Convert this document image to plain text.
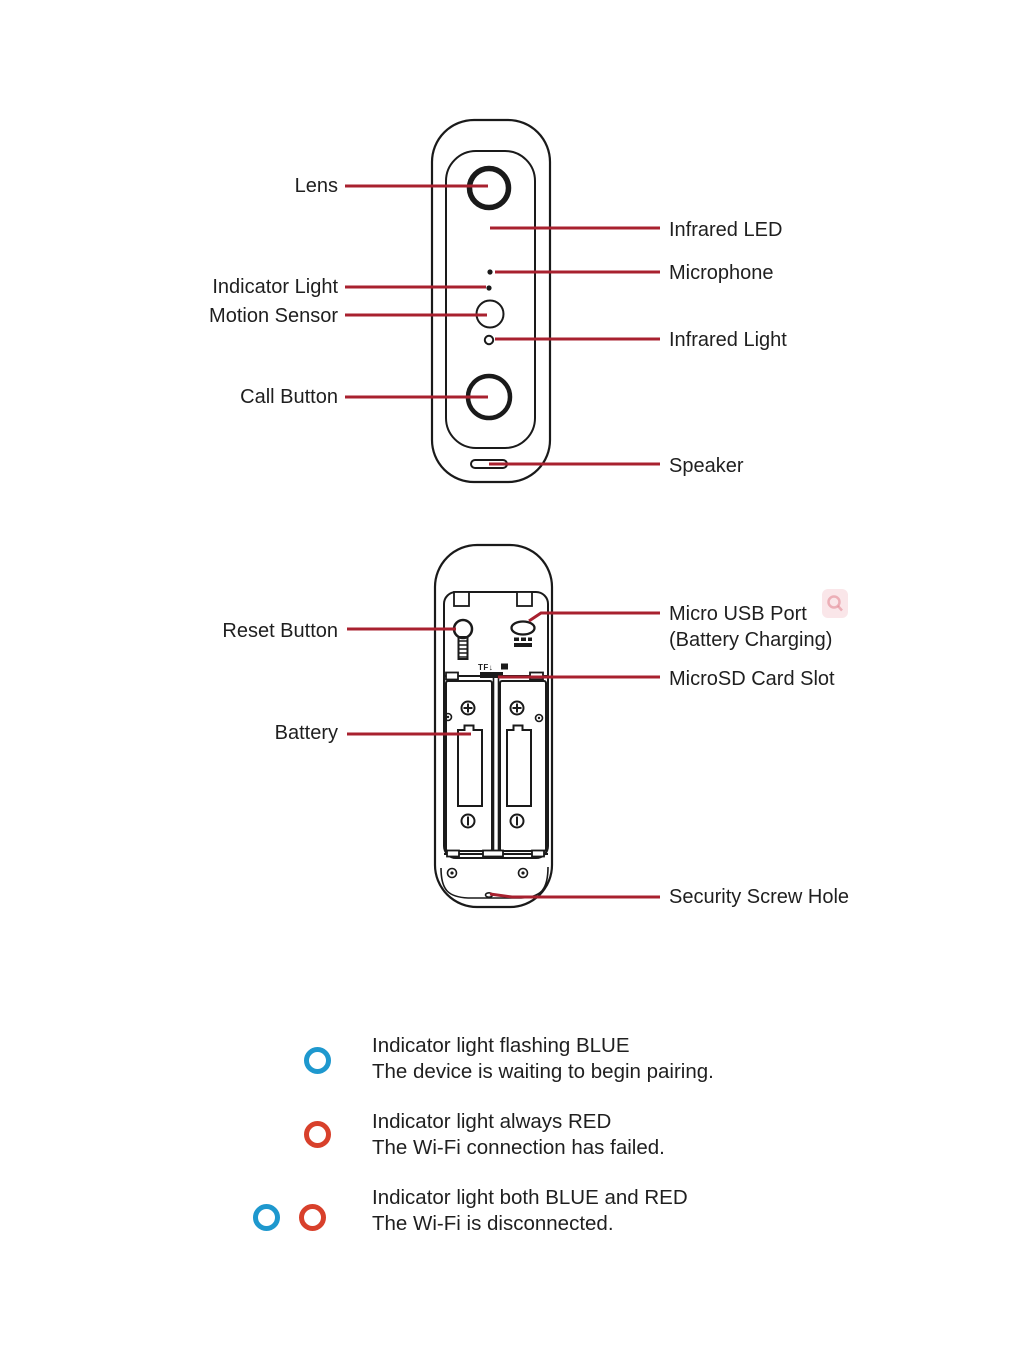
TF↓
Lens
Infrared LED
Microphone
Indicator Light
Motion Sensor
Infrared Light
Call Button
Speaker
Micro USB Port
(Battery Charging)
Reset Button
MicroSD Card Slot
Battery
Security Screw Hole
Indicator light flashing BLUE
The device is waiting to begin pairing.
Indicator light always RED
The Wi-Fi connection has failed.
Indicator light both BLUE and RED
The Wi-Fi is disconnected.
